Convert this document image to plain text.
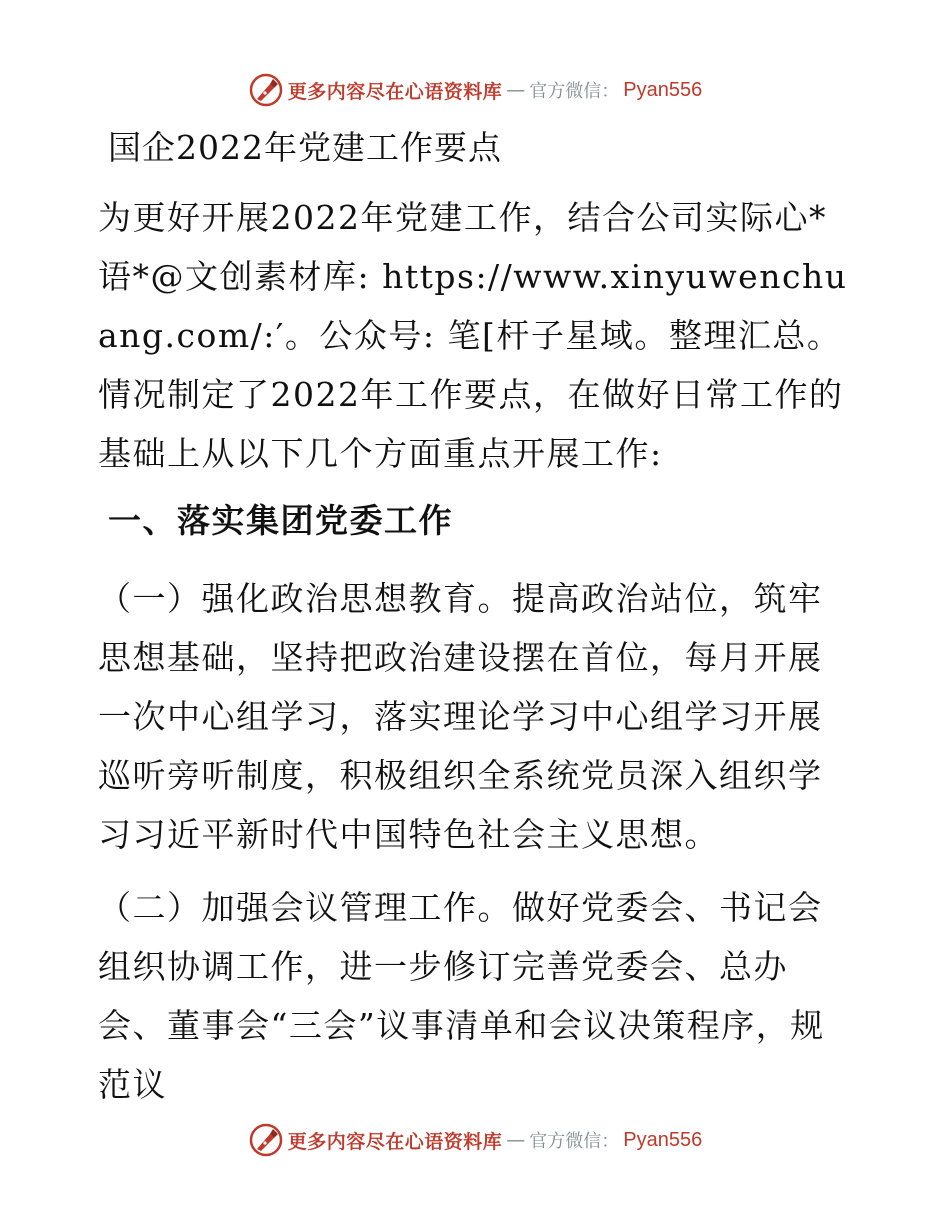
更多内容尽在心语资料库 — 官方微信： Pyan556
国企2022年党建工作要点

为更好开展2022年党建工作，结合公司实际心*语*@文创素材库: https://www.xinyuwenchuang.com/:′。公众号: 笔[杆子星域。整理汇总。情况制定了2022年工作要点，在做好日常工作的基础上从以下几个方面重点开展工作:

一、落实集团党委工作

（一）强化政治思想教育。提高政治站位，筑牢思想基础，坚持把政治建设摆在首位，每月开展一次中心组学习，落实理论学习中心组学习开展巡听旁听制度，积极组织全系统党员深入组织学习习近平新时代中国特色社会主义思想。

（二）加强会议管理工作。做好党委会、书记会组织协调工作，进一步修订完善党委会、总办会、董事会“三会”议事清单和会议决策程序，规范议

更多内容尽在心语资料库 — 官方微信： Pyan556
